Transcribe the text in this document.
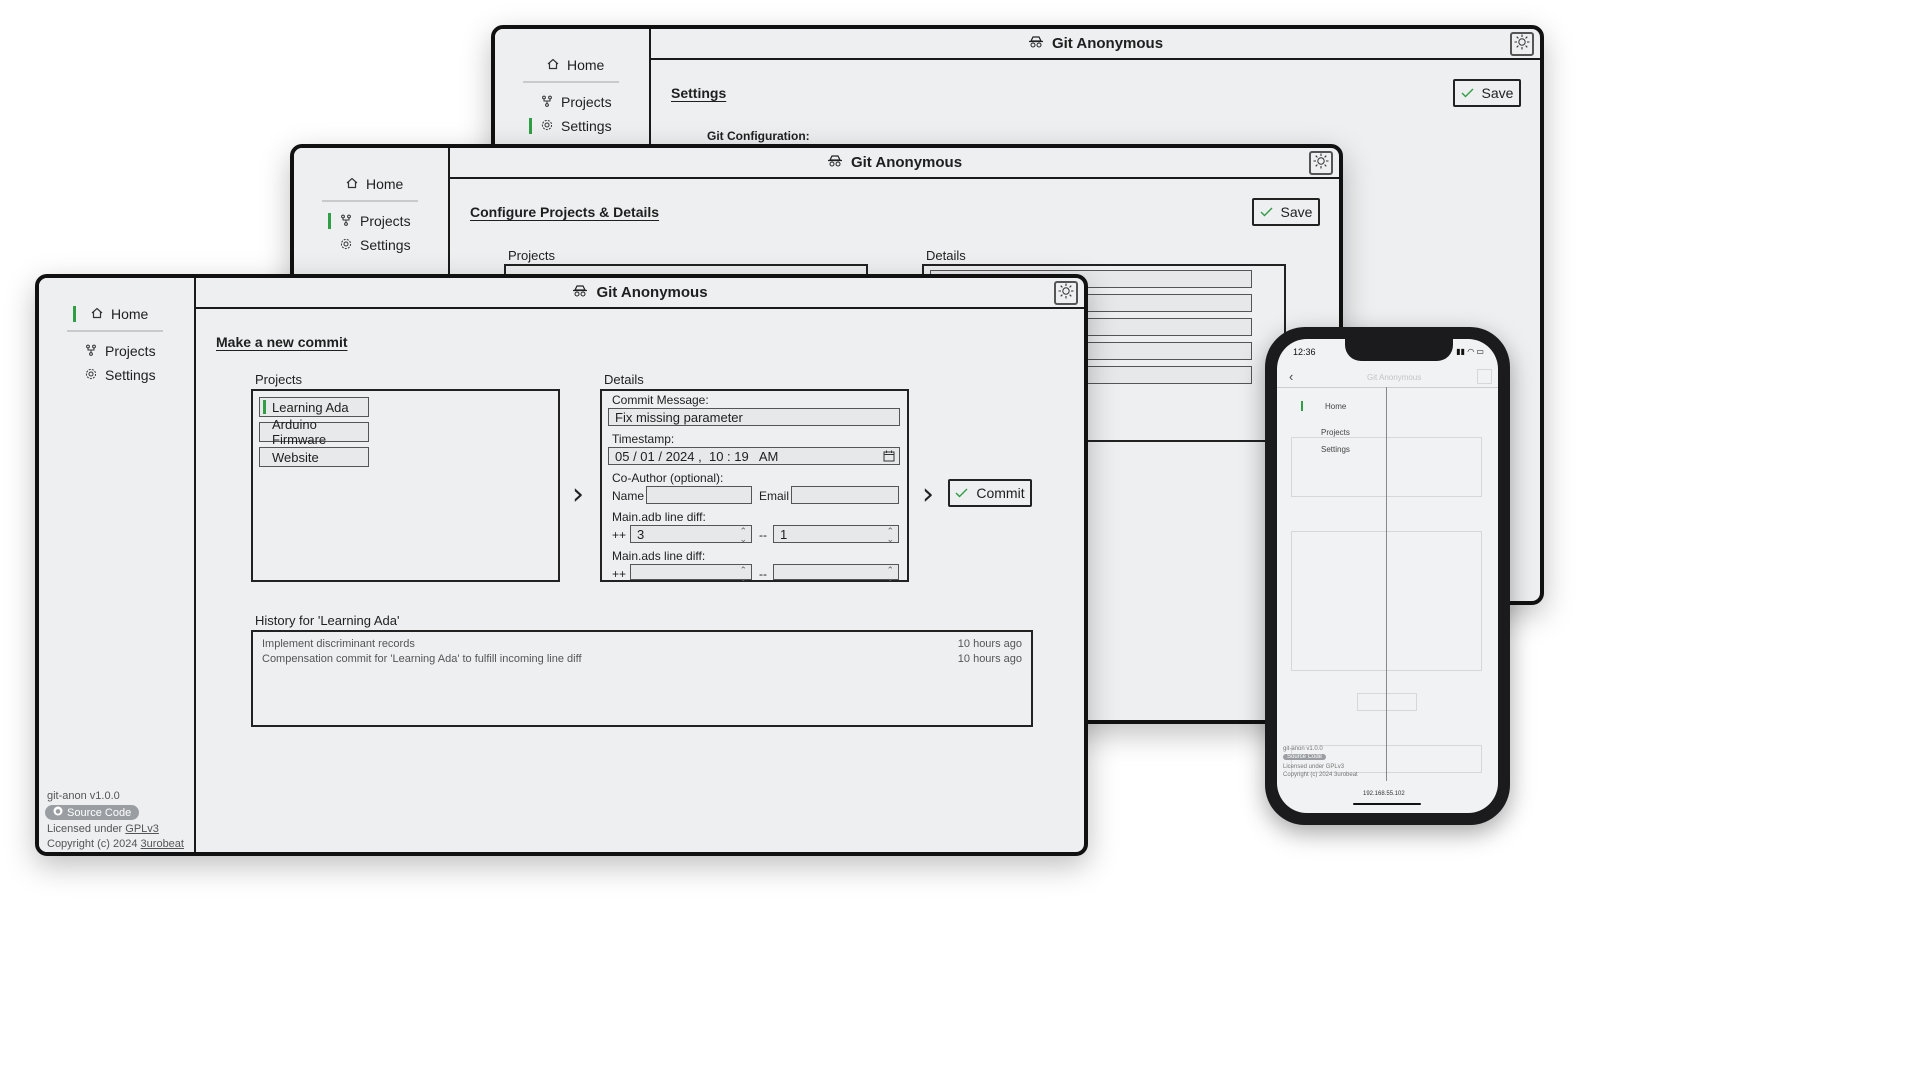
Home
Projects
Settings
Git Anonymous
Settings	Save
Git Configuration:
Home
Projects
Settings
Git Anonymous
Configure Projects & Details	Save
Projects	Details
Home
Projects
Settings
git-anon v1.0.0
Source Code
Licensed under GPLv3
Copyright (c) 2024 3urobeat
Git Anonymous
Make a new commit
Projects
Learning Ada
Arduino Firmware
Website
›
Details
Commit Message:
Fix missing parameter
Timestamp:
05 / 01 / 2024 ,  10 : 19   AM
Co-Author (optional):
Name	Email
Main.adb line diff:
++ 3	⌃
⌄ -- 1	⌃
⌄
Main.ads line diff:
++	⌃
⌄ --	⌃
⌄
›	Commit
History for 'Learning Ada'
Implement discriminant records	10 hours ago
Compensation commit for 'Learning Ada' to fulfill incoming line diff	10 hours ago
12:36	▮▮ ◠ ▭
‹	Git Anonymous
Home
Projects
Settings
git-anon v1.0.0
Source Code
Licensed under GPLv3
Copyright (c) 2024 3urobeat
192.168.55.102
